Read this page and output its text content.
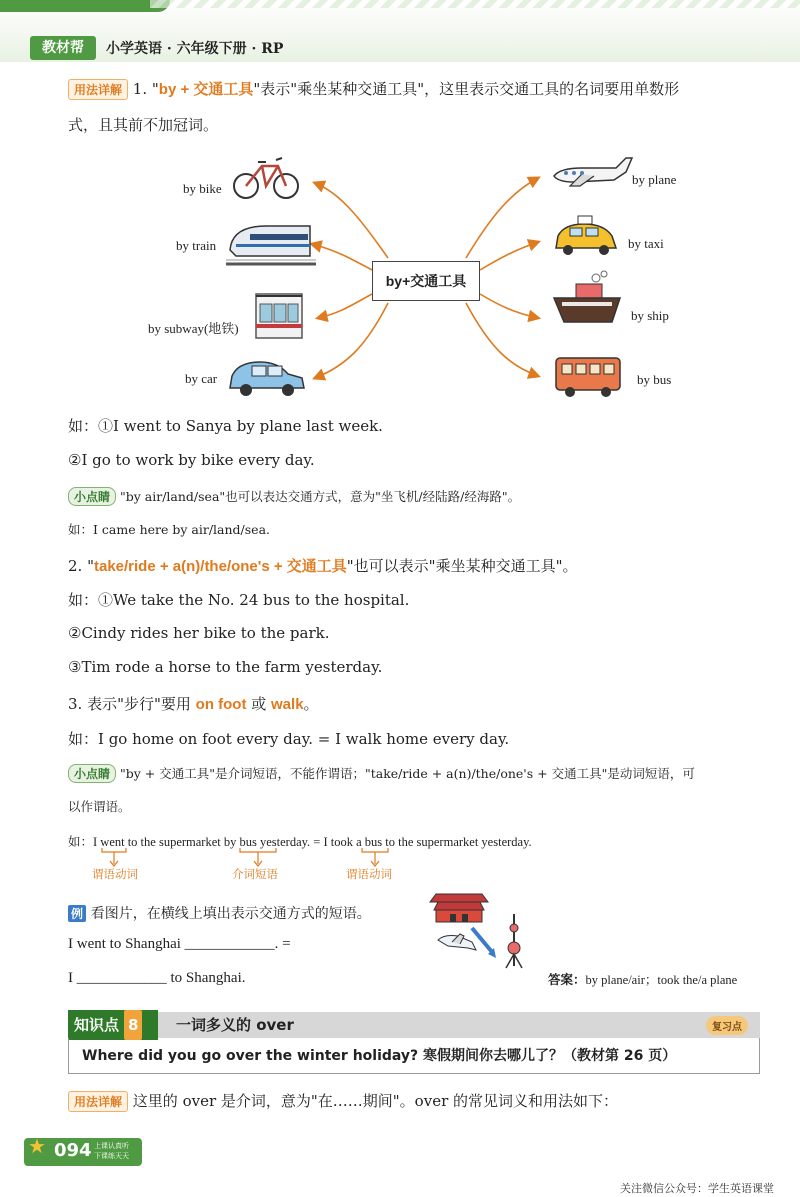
教材帮	小学英语 · 六年级下册 · RP
用法详解 1. "by + 交通工具"表示"乘坐某种交通工具"，这里表示交通工具的名词要用单数形
式，且其前不加冠词。
by+交通工具
by bike
by train
by subway(地铁)
by car
by plane
by taxi
by ship
by bus
如：①I went to Sanya by plane last week.
②I go to work by bike every day.
小点睛 "by air/land/sea"也可以表达交通方式，意为"坐飞机/经陆路/经海路"。
如：I came here by air/land/sea.
2. "take/ride + a(n)/the/one's + 交通工具"也可以表示"乘坐某种交通工具"。
如：①We take the No. 24 bus to the hospital.
②Cindy rides her bike to the park.
③Tim rode a horse to the farm yesterday.
3. 表示"步行"要用 on foot 或 walk。
如：I go home on foot every day. = I walk home every day.
小点睛 "by + 交通工具"是介词短语，不能作谓语；"take/ride + a(n)/the/one's + 交通工具"是动词短语，可
以作谓语。
如：I went to the supermarket by bus yesterday. = I took a bus to the supermarket yesterday.
谓语动词	介词短语	谓语动词
例 看图片，在横线上填出表示交通方式的短语。
I went to Shanghai ____________. =
I ____________ to Shanghai.	答案：by plane/air；took the/a plane
知识点 8	一词多义的 over	复习点
Where did you go over the winter holiday? 寒假期间你去哪儿了？（教材第 26 页）
用法详解 这里的 over 是介词，意为"在……期间"。over 的常见词义和用法如下：
★ 094 上课认真听
下课练天天
关注微信公众号：学生英语课堂
